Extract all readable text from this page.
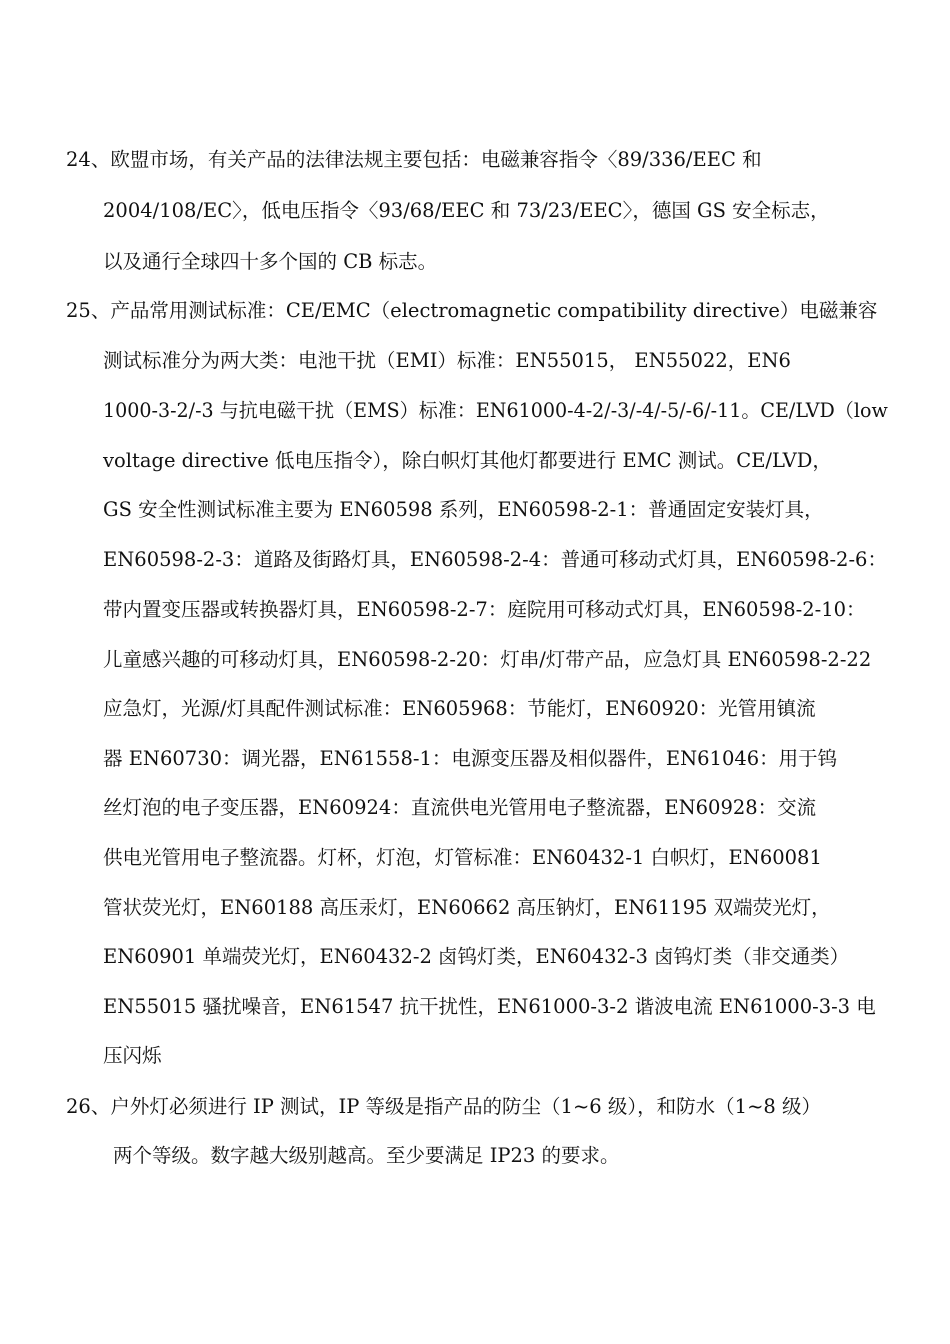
24、欧盟市场，有关产品的法律法规主要包括：电磁兼容指令〈89/336/EEC 和
2004/108/EC〉，低电压指令〈93/68/EEC 和 73/23/EEC〉，德国 GS 安全标志，
以及通行全球四十多个国的 CB 标志。
25、产品常用测试标准：CE/EMC（electromagnetic compatibility directive）电磁兼容
测试标准分为两大类：电池干扰（EMI）标准：EN55015， EN55022，EN6
1000-3-2/-3 与抗电磁干扰（EMS）标准：EN61000-4-2/-3/-4/-5/-6/-11。CE/LVD（low
voltage directive 低电压指令），除白帜灯其他灯都要进行 EMC 测试。CE/LVD，
GS 安全性测试标准主要为 EN60598 系列，EN60598-2-1：普通固定安装灯具，
EN60598-2-3：道路及街路灯具，EN60598-2-4：普通可移动式灯具，EN60598-2-6：
带内置变压器或转换器灯具，EN60598-2-7：庭院用可移动式灯具，EN60598-2-10：
儿童感兴趣的可移动灯具，EN60598-2-20：灯串/灯带产品，应急灯具 EN60598-2-22
应急灯，光源/灯具配件测试标准：EN605968：节能灯，EN60920：光管用镇流
器 EN60730：调光器，EN61558-1：电源变压器及相似器件，EN61046：用于钨
丝灯泡的电子变压器，EN60924：直流供电光管用电子整流器，EN60928：交流
供电光管用电子整流器。灯杯，灯泡，灯管标准：EN60432-1 白帜灯，EN60081
管状荧光灯，EN60188 高压汞灯，EN60662 高压钠灯，EN61195 双端荧光灯，
EN60901 单端荧光灯，EN60432-2 卤钨灯类，EN60432-3 卤钨灯类（非交通类）
EN55015 骚扰噪音，EN61547 抗干扰性，EN61000-3-2 谐波电流 EN61000-3-3 电
压闪烁
26、户外灯必须进行 IP 测试，IP 等级是指产品的防尘（1~6 级），和防水（1~8 级）
两个等级。数字越大级别越高。至少要满足 IP23 的要求。
